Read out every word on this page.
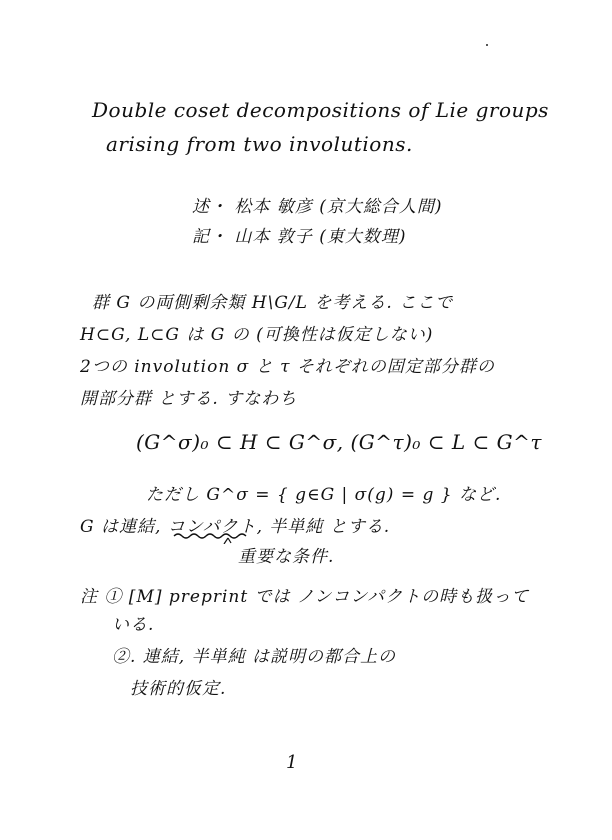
Double coset decompositions of Lie groups
arising from two involutions.
述・ 松本 敏彦 (京大総合人間)
記・ 山本 敦子 (東大数理)
群 G の両側剰余類 H\G/L を考える. ここで
H⊂G, L⊂G は G の (可換性は仮定しない)
2つの involution σ と τ それぞれの固定部分群の
開部分群 とする. すなわち
(G^σ)₀ ⊂ H ⊂ G^σ, (G^τ)₀ ⊂ L ⊂ G^τ
ただし G^σ = { g∈G | σ(g) = g } など.
G は連結, コンパクト, 半単純 とする.
重要な条件.
注 ① [M] preprint では ノンコンパクトの時も扱って
いる.
②. 連結, 半単純 は説明の都合上の
技術的仮定.
1
